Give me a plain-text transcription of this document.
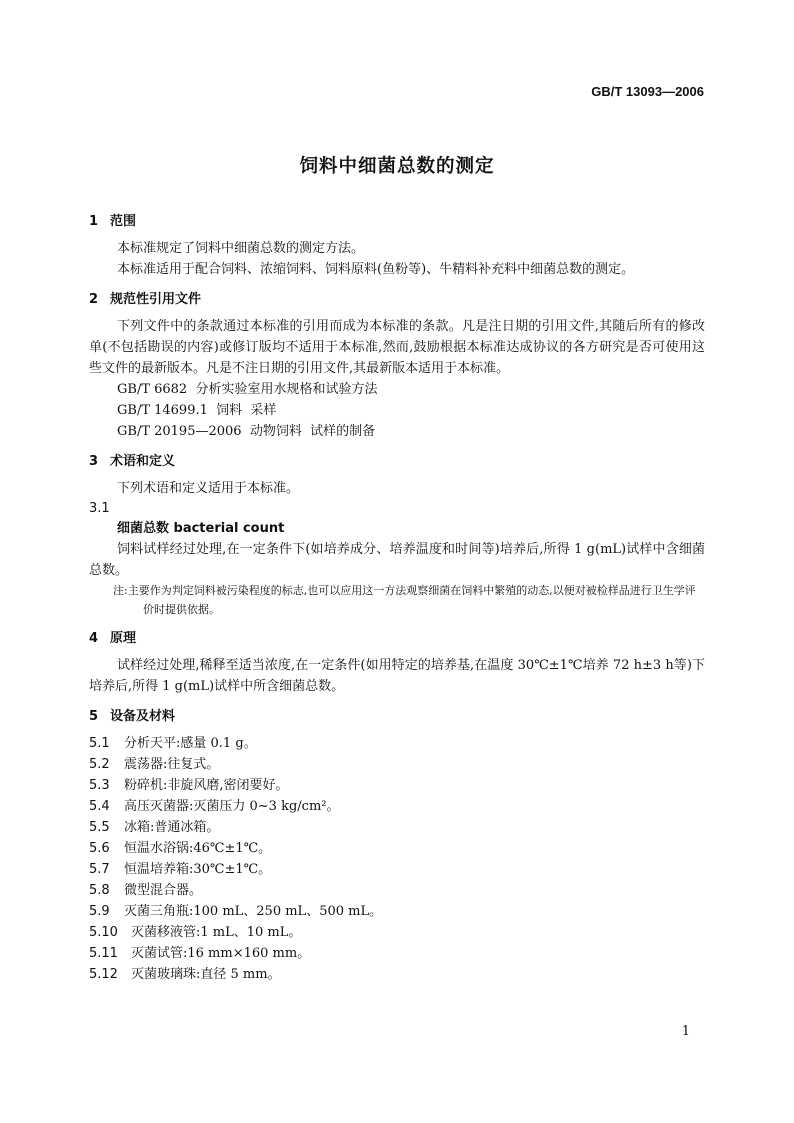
GB/T 13093—2006
饲料中细菌总数的测定
1 范围
本标准规定了饲料中细菌总数的测定方法。
本标准适用于配合饲料、浓缩饲料、饲料原料(鱼粉等)、牛精料补充料中细菌总数的测定。
2 规范性引用文件
下列文件中的条款通过本标准的引用而成为本标准的条款。凡是注日期的引用文件,其随后所有的修改单(不包括勘误的内容)或修订版均不适用于本标准,然而,鼓励根据本标准达成协议的各方研究是否可使用这些文件的最新版本。凡是不注日期的引用文件,其最新版本适用于本标准。
GB/T 6682  分析实验室用水规格和试验方法
GB/T 14699.1  饲料  采样
GB/T 20195—2006  动物饲料  试样的制备
3 术语和定义
下列术语和定义适用于本标准。
3.1
细菌总数 bacterial count
饲料试样经过处理,在一定条件下(如培养成分、培养温度和时间等)培养后,所得 1 g(mL)试样中含细菌总数。
注:主要作为判定饲料被污染程度的标志,也可以应用这一方法观察细菌在饲料中繁殖的动态,以便对被检样品进行卫生学评价时提供依据。
4 原理
试样经过处理,稀释至适当浓度,在一定条件(如用特定的培养基,在温度 30℃±1℃培养 72 h±3 h等)下培养后,所得 1 g(mL)试样中所含细菌总数。
5 设备及材料
5.1 分析天平:感量 0.1 g。
5.2 震荡器:往复式。
5.3 粉碎机:非旋风磨,密闭要好。
5.4 高压灭菌器:灭菌压力 0~3 kg/cm²。
5.5 冰箱:普通冰箱。
5.6 恒温水浴锅:46℃±1℃。
5.7 恒温培养箱:30℃±1℃。
5.8 微型混合器。
5.9 灭菌三角瓶:100 mL、250 mL、500 mL。
5.10 灭菌移液管:1 mL、10 mL。
5.11 灭菌试管:16 mm×160 mm。
5.12 灭菌玻璃珠:直径 5 mm。
1
